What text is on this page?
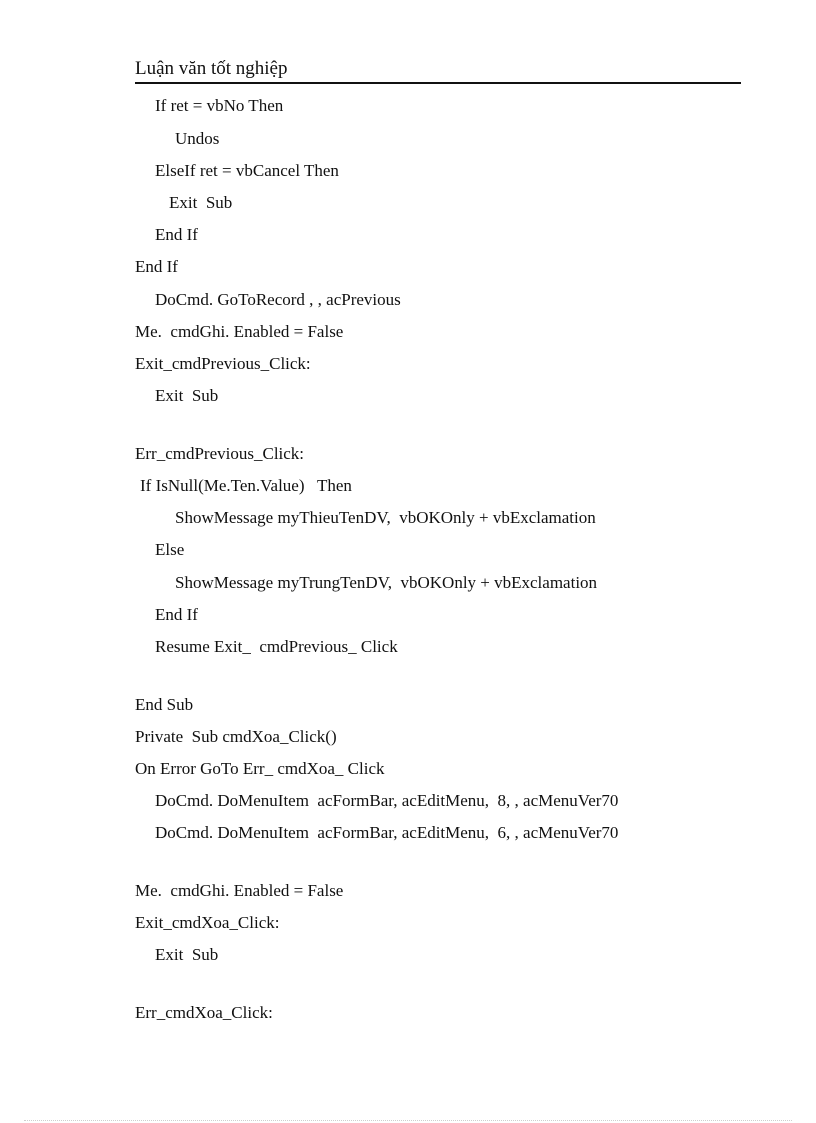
Luận văn tốt nghiệp
If ret = vbNo Then
Undos
ElseIf ret = vbCancel Then
Exit  Sub
End If
End If
DoCmd. GoToRecord , , acPrevious
Me.  cmdGhi. Enabled = False
Exit_cmdPrevious_Click:
Exit  Sub
Err_cmdPrevious_Click:
If IsNull(Me.Ten.Value)   Then
ShowMessage myThieuTenDV,  vbOKOnly + vbExclamation
Else
ShowMessage myTrungTenDV,  vbOKOnly + vbExclamation
End If
Resume Exit_  cmdPrevious_ Click
End Sub
Private  Sub cmdXoa_Click()
On Error GoTo Err_ cmdXoa_ Click
DoCmd. DoMenuItem  acFormBar, acEditMenu,  8, , acMenuVer70
DoCmd. DoMenuItem  acFormBar, acEditMenu,  6, , acMenuVer70
Me.  cmdGhi. Enabled = False
Exit_cmdXoa_Click:
Exit  Sub
Err_cmdXoa_Click:
